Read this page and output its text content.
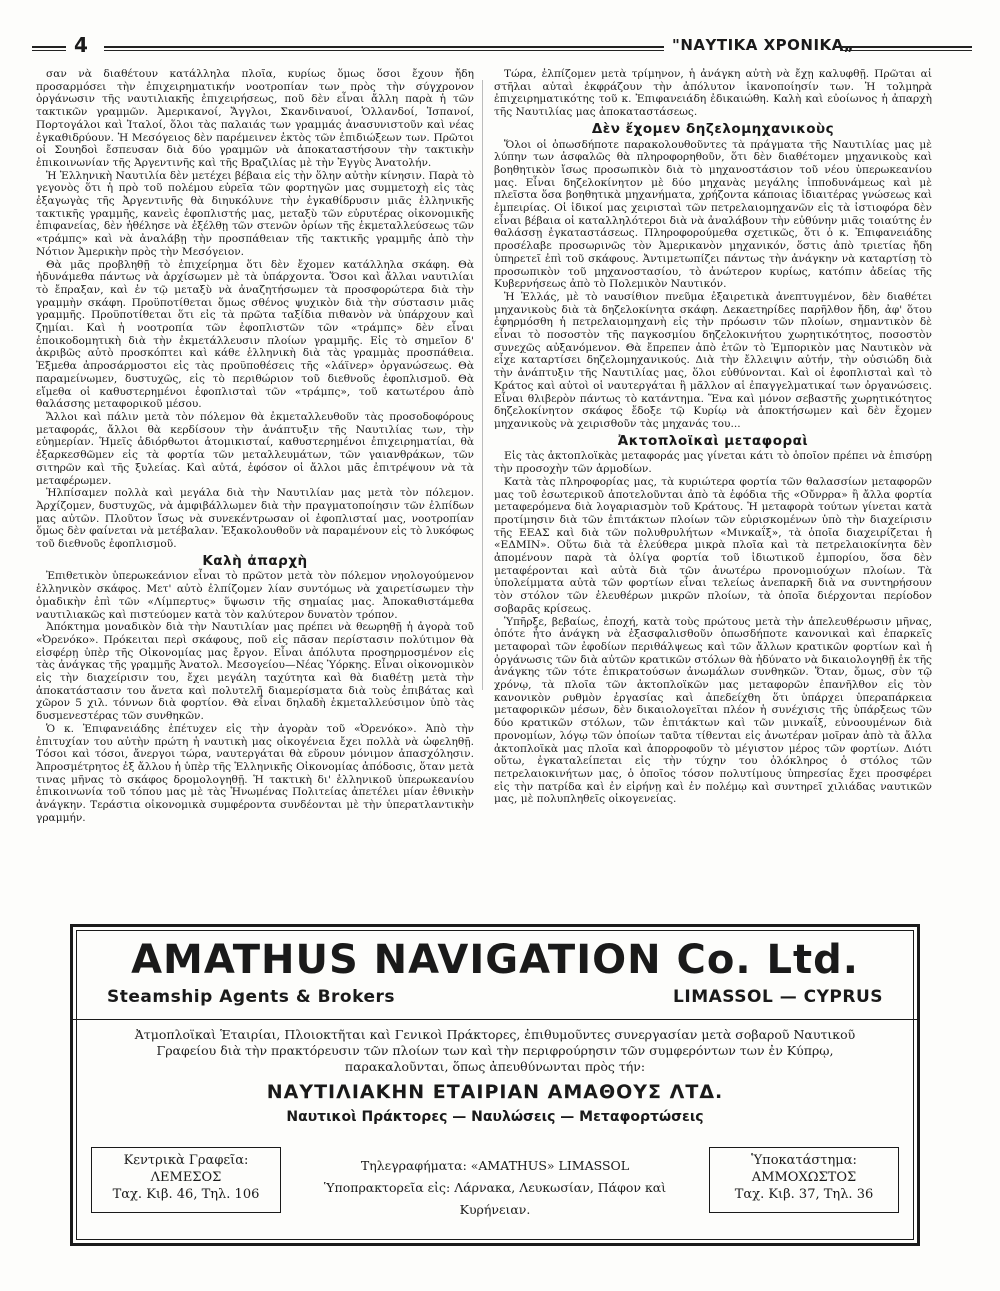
4	"ΝΑΥΤΙΚΑ ΧΡΟΝΙΚΑ„

σαν νὰ διαθέτουν κατάλληλα πλοῖα, κυρίως ὅμως ὅσοι ἔχουν ἤδη προσαρμόσει τὴν ἐπιχειρηματικήν νοοτροπίαν των πρὸς τὴν σύγχρονον ὀργάνωσιν τῆς ναυτιλιακῆς ἐπιχειρήσεως, ποῦ δὲν εἶναι ἄλλη παρὰ ἡ τῶν τακτικῶν γραμμῶν. Ἀμερικανοί, Ἄγγλοι, Σκανδιναυοί, Ὁλλανδοί, Ἰσπανοί, Πορτογάλοι καὶ Ἰταλοί, ὅλοι τὰς παλαιάς των γραμμάς ἀνασυνιστοῦν καὶ νέας ἐγκαθιδρύουν. Ἡ Μεσόγειος δὲν παρέμεινεν ἐκτὸς τῶν ἐπιδιώξεων των. Πρῶτοι οἱ Σουηδοὶ ἔσπευσαν διὰ δύο γραμμῶν νὰ ἀποκαταστήσουν τὴν τακτικὴν ἐπικοινωνίαν τῆς Ἀργεντινῆς καὶ τῆς Βραζιλίας μὲ τὴν Ἐγγὺς Ἀνατολήν.

Ἡ Ἑλληνικὴ Ναυτιλία δὲν μετέχει βέβαια εἰς τὴν ὅλην αὐτὴν κίνησιν. Παρὰ τὸ γεγονὸς ὅτι ἡ πρὸ τοῦ πολέμου εὐρεῖα τῶν φορτηγῶν μας συμμετοχὴ εἰς τὰς ἐξαγωγὰς τῆς Ἀργεντινῆς θὰ διηυκόλυνε τὴν ἐγκαθίδρυσιν μιᾶς ἑλληνικῆς τακτικῆς γραμμῆς, κανεὶς ἐφοπλιστής μας, μεταξὺ τῶν εὐρυτέρας οἰκονομικῆς ἐπιφανείας, δὲν ἠθέλησε νὰ ἐξέλθῃ τῶν στενῶν ὁρίων τῆς ἐκμεταλλεύσεως τῶν «τράμπς» καὶ νὰ ἀναλάβῃ τὴν προσπάθειαν τῆς τακτικῆς γραμμῆς ἀπὸ τὴν Νότιον Ἀμερικὴν πρὸς τὴν Μεσόγειον.

Θὰ μᾶς προβληθῇ τὸ ἐπιχείρημα ὅτι δὲν ἔχομεν κατάλληλα σκάφη. Θὰ ἠδυνάμεθα πάντως νὰ ἀρχίσωμεν μὲ τὰ ὑπάρχοντα. Ὅσοι καὶ ἄλλαι ναυτιλίαι τὸ ἔπραξαν, καὶ ἐν τῷ μεταξὺ νὰ ἀναζητήσωμεν τὰ προσφορώτερα διὰ τὴν γραμμὴν σκάφη. Προϋποτίθεται ὅμως σθένος ψυχικὸν διὰ τὴν σύστασιν μιᾶς γραμμῆς. Προϋποτίθεται ὅτι εἰς τὰ πρῶτα ταξίδια πιθανὸν νὰ ὑπάρχουν καὶ ζημίαι. Καὶ ἡ νοοτροπία τῶν ἐφοπλιστῶν τῶν «τράμπς» δὲν εἶναι ἐποικοδομητικὴ διὰ τὴν ἐκμετάλλευσιν πλοίων γραμμῆς. Εἰς τὸ σημεῖον δ' ἀκριβῶς αὐτὸ προσκόπτει καὶ κάθε ἑλληνικὴ διὰ τὰς γραμμὰς προσπάθεια. Ἐξμεθα ἀπροσάρμοστοι εἰς τὰς προϋποθέσεις τῆς «λάϊνερ» ὀργανώσεως. Θὰ παραμείνωμεν, δυστυχῶς, εἰς τὸ περιθώριον τοῦ διεθνοῦς ἐφοπλισμοῦ. Θὰ εἴμεθα οἱ καθυστερημένοι ἐφοπλισταὶ τῶν «τράμπς», τοῦ κατωτέρου ἀπὸ θαλάσσης μεταφορικοῦ μέσου.

Ἄλλοι καὶ πάλιν μετὰ τὸν πόλεμον θὰ ἐκμεταλλευθοῦν τὰς προσοδοφόρους μεταφοράς, ἄλλοι θὰ κερδίσουν τὴν ἀνάπτυξιν τῆς Ναυτιλίας των, τὴν εὐημερίαν. Ἡμεῖς ἀδιόρθωτοι ἀτομικισταί, καθυστερημένοι ἐπιχειρηματίαι, θὰ ἐξαρκεσθῶμεν εἰς τὰ φορτία τῶν μεταλλευμάτων, τῶν γαιανθράκων, τῶν σιτηρῶν καὶ τῆς ξυλείας. Καὶ αὐτά, ἐφόσον οἱ ἄλλοι μᾶς ἐπιτρέψουν νὰ τὰ μεταφέρωμεν.

Ἠλπίσαμεν πολλὰ καὶ μεγάλα διὰ τὴν Ναυτιλίαν μας μετὰ τὸν πόλεμον. Ἀρχίζομεν, δυστυχῶς, νὰ ἀμφιβάλλωμεν διὰ τὴν πραγματοποίησιν τῶν ἐλπίδων μας αὐτῶν. Πλοῦτον ἴσως νὰ συνεκέντρωσαν οἱ ἐφοπλισταί μας, νοοτροπίαν ὅμως δὲν φαίνεται νὰ μετέβαλαν. Ἐξακολουθοῦν νὰ παραμένουν εἰς τὸ λυκόφως τοῦ διεθνοῦς ἐφοπλισμοῦ.

Καλὴ ἀπαρχὴ

Ἐπιθετικὸν ὑπερωκεάνιον εἶναι τὸ πρῶτον μετὰ τὸν πόλεμον νηολογούμενον ἑλληνικὸν σκάφος. Μετ' αὐτὸ ἐλπίζομεν λίαν συντόμως νὰ χαιρετίσωμεν τὴν ὁμαδικὴν ἐπὶ τῶν «Λίμπερτυς» ὕψωσιν τῆς σημαίας μας. Ἀποκαθιστάμεθα ναυτιλιακῶς καὶ πιστεύομεν κατὰ τὸν καλύτερον δυνατὸν τρόπον.

Ἀπόκτημα μοναδικὸν διὰ τὴν Ναυτιλίαν μας πρέπει νὰ θεωρηθῇ ἡ ἀγορὰ τοῦ «Ὀρενόκο». Πρόκειται περὶ σκάφους, ποῦ εἰς πᾶσαν περίστασιν πολύτιμον θὰ εἰσφέρῃ ὑπὲρ τῆς Οἰκονομίας μας ἔργον. Εἶναι ἀπόλυτα προσηρμοσμένον εἰς τὰς ἀνάγκας τῆς γραμμῆς Ἀνατολ. Μεσογείου—Νέας Ὑόρκης. Εἶναι οἰκονομικὸν εἰς τὴν διαχείρισιν του, ἔχει μεγάλη ταχύτητα καὶ θὰ διαθέτῃ μετὰ τὴν ἀποκατάστασιν του ἄνετα καὶ πολυτελῆ διαμερίσματα διὰ τοὺς ἐπιβάτας καὶ χῶρον 5 χιλ. τόννων διὰ φορτίον. Θὰ εἶναι δηλαδὴ ἐκμεταλλεύσιμον ὑπὸ τὰς δυσμενεστέρας τῶν συνθηκῶν.

Ὁ κ. Ἐπιφανειάδης ἐπέτυχεν εἰς τὴν ἀγορὰν τοῦ «Ὀρενόκο». Ἀπὸ τὴν ἐπιτυχίαν του αὐτὴν πρώτη ἡ ναυτικὴ μας οἰκογένεια ἔχει πολλὰ νὰ ὠφεληθῇ. Τόσοι καὶ τόσοι, ἄνεργοι τώρα, ναυτεργάται θὰ εὕρουν μόνιμον ἀπασχόλησιν. Ἀπροσμέτρητος ἐξ ἄλλου ἡ ὑπὲρ τῆς Ἑλληνικῆς Οἰκονομίας ἀπόδοσις, ὅταν μετὰ τινας μῆνας τὸ σκάφος δρομολογηθῇ. Ἡ τακτικὴ δι' ἑλληνικοῦ ὑπερωκεανίου ἐπικοινωνία τοῦ τόπου μας μὲ τὰς Ἡνωμένας Πολιτείας ἀπετέλει μίαν ἐθνικὴν ἀνάγκην. Τεράστια οἰκονομικὰ συμφέροντα συνδέονται μὲ τὴν ὑπερατλαντικὴν γραμμήν.

Τώρα, ἐλπίζομεν μετὰ τρίμηνον, ἡ ἀνάγκη αὐτὴ νὰ ἔχῃ καλυφθῇ. Πρῶται αἱ στῆλαι αὐταὶ ἐκφράζουν τὴν ἀπόλυτον ἱκανοποίησίν των. Ἡ τολμηρὰ ἐπιχειρηματικότης τοῦ κ. Ἐπιφανειάδη ἐδικαιώθη. Καλὴ καὶ εὐοίωνος ἡ ἀπαρχὴ τῆς Ναυτιλίας μας ἀποκαταστάσεως.

Δὲν ἔχομεν δηζελομηχανικοὺς

Ὅλοι οἱ ὁπωσδήποτε παρακολουθοῦντες τὰ πράγματα τῆς Ναυτιλίας μας μὲ λύπην των ἀσφαλῶς θὰ πληροφορηθοῦν, ὅτι δὲν διαθέτομεν μηχανικοὺς καὶ βοηθητικὸν ἴσως προσωπικὸν διὰ τὸ μηχανοστάσιον τοῦ νέου ὑπερωκεανίου μας. Εἶναι δηζελοκίνητον μὲ δύο μηχανὰς μεγάλης ἱπποδυνάμεως καὶ μὲ πλεῖστα ὅσα βοηθητικὰ μηχανήματα, χρήζοντα κάποιας ἰδιαιτέρας γνώσεως καὶ ἐμπειρίας. Οἱ ἰδικοί μας χειρισταὶ τῶν πετρελαιομηχανῶν εἰς τὰ ἰστιοφόρα δὲν εἶναι βέβαια οἱ καταλληλότεροι διὰ νὰ ἀναλάβουν τὴν εὐθύνην μιᾶς τοιαύτης ἐν θαλάσσῃ ἐγκαταστάσεως. Πληροφορούμεθα σχετικῶς, ὅτι ὁ κ. Ἐπιφανειάδης προσέλαβε προσωρινῶς τὸν Ἀμερικανὸν μηχανικόν, ὅστις ἀπὸ τριετίας ἤδη ὑπηρετεῖ ἐπὶ τοῦ σκάφους. Ἀντιμετωπίζει πάντως τὴν ἀνάγκην νὰ καταρτίσῃ τὸ προσωπικὸν τοῦ μηχανοστασίου, τὸ ἀνώτερον κυρίως, κατόπιν ἀδείας τῆς Κυβερνήσεως ἀπὸ τὸ Πολεμικὸν Ναυτικόν.

Ἡ Ἑλλάς, μὲ τὸ ναυσίθιον πνεῦμα ἐξαιρετικὰ ἀνεπτυγμένον, δὲν διαθέτει μηχανικοὺς διὰ τὰ δηζελοκίνητα σκάφη. Δεκαετηρίδες παρῆλθον ἤδη, ἀφ' ὅτου ἐφηρμόσθη ἡ πετρελαιομηχανὴ εἰς τὴν πρόωσιν τῶν πλοίων, σημαντικὸν δὲ εἶναι τὸ ποσοστὸν τῆς παγκοσμίου δηζελοκινήτου χωρητικότητος, ποσοστὸν συνεχῶς αὐξανόμενον. Θὰ ἔπρεπεν ἀπὸ ἐτῶν τὸ Ἐμπορικὸν μας Ναυτικὸν νὰ εἶχε καταρτίσει δηζελομηχανικούς. Διὰ τὴν ἔλλειψιν αὐτήν, τὴν οὐσιώδη διὰ τὴν ἀνάπτυξιν τῆς Ναυτιλίας μας, ὅλοι εὐθύνονται. Καὶ οἱ ἐφοπλισταὶ καὶ τὸ Κράτος καὶ αὐτοὶ οἱ ναυτεργάται ἢ μᾶλλον αἱ ἐπαγγελματικαί των ὀργανώσεις. Εἶναι θλιβερὸν πάντως τὸ κατάντημα. Ἕνα καὶ μόνον σεβαστῆς χωρητικότητος δηζελοκίνητον σκάφος ἔδοξε τῷ Κυρίῳ νὰ ἀποκτήσωμεν καὶ δὲν ἔχομεν μηχανικοὺς νὰ χειρισθοῦν τὰς μηχανάς του...

Ἀκτοπλοϊκαὶ μεταφοραὶ

Εἰς τὰς ἀκτοπλοϊκὰς μεταφοράς μας γίνεται κάτι τὸ ὁποῖον πρέπει νὰ ἐπισύρῃ τὴν προσοχὴν τῶν ἁρμοδίων.

Κατὰ τὰς πληροφορίας μας, τὰ κυριώτερα φορτία τῶν θαλασσίων μεταφορῶν μας τοῦ ἐσωτερικοῦ ἀποτελοῦνται ἀπὸ τὰ ἐφόδια τῆς «Οὔνρρα» ἢ ἄλλα φορτία μεταφερόμενα διὰ λογαριασμὸν τοῦ Κράτους. Ἡ μεταφορὰ τούτων γίνεται κατὰ προτίμησιν διὰ τῶν ἐπιτάκτων πλοίων τῶν εὑρισκομένων ὑπὸ τὴν διαχείρισιν τῆς ΕΕΑΣ καὶ διὰ τῶν πολυθρυλήτων «Μινκαΐξ», τὰ ὁποῖα διαχειρίζεται ἡ «ΕΔΜΙΝ». Οὕτω διὰ τὰ ἐλεύθερα μικρὰ πλοῖα καὶ τὰ πετρελαιοκίνητα δὲν ἀπομένουν παρὰ τὰ ὀλίγα φορτία τοῦ ἰδιωτικοῦ ἐμπορίου, ὅσα δὲν μεταφέρονται καὶ αὐτὰ διὰ τῶν ἀνωτέρω προνομιούχων πλοίων. Τὰ ὑπολείμματα αὐτὰ τῶν φορτίων εἶναι τελείως ἀνεπαρκῆ διὰ να συντηρήσουν τὸν στόλον τῶν ἐλευθέρων μικρῶν πλοίων, τὰ ὁποῖα διέρχονται περίοδον σοβαρᾶς κρίσεως.

Ὑπῆρξε, βεβαίως, ἐποχή, κατὰ τοὺς πρώτους μετὰ τὴν ἀπελευθέρωσιν μῆνας, ὁπότε ἦτο ἀνάγκη νὰ ἐξασφαλισθοῦν ὁπωσδήποτε κανονικαὶ καὶ ἐπαρκεῖς μεταφοραὶ τῶν ἐφοδίων περιθάλψεως καὶ τῶν ἄλλων κρατικῶν φορτίων καὶ ἡ ὀργάνωσις τῶν διὰ αὐτῶν κρατικῶν στόλων θὰ ἠδύνατο νὰ δικαιολογηθῇ ἐκ τῆς ἀνάγκης τῶν τότε ἐπικρατούσων ἀνωμάλων συνθηκῶν. Ὅταν, ὅμως, σὺν τῷ χρόνῳ, τὰ πλοῖα τῶν ἀκτοπλοϊκῶν μας μεταφορῶν ἐπανῆλθον εἰς τὸν κανονικὸν ρυθμὸν ἐργασίας καὶ ἀπεδείχθη ὅτι ὑπάρχει ὑπεραπάρκεια μεταφορικῶν μέσων, δὲν δικαιολογεῖται πλέον ἡ συνέχισις τῆς ὑπάρξεως τῶν δύο κρατικῶν στόλων, τῶν ἐπιτάκτων καὶ τῶν μινκαΐξ, εὐνοουμένων διὰ προνομίων, λόγῳ τῶν ὁποίων ταῦτα τίθενται εἰς ἀνωτέραν μοῖραν ἀπὸ τὰ ἄλλα ἀκτοπλοϊκὰ μας πλοῖα καὶ ἀπορροφοῦν τὸ μέγιστον μέρος τῶν φορτίων. Διότι οὕτω, ἐγκαταλείπεται εἰς τὴν τύχην του ὁλόκληρος ὁ στόλος τῶν πετρελαιοκινήτων μας, ὁ ὁποῖος τόσον πολυτίμους ὑπηρεσίας ἔχει προσφέρει εἰς τὴν πατρίδα καὶ ἐν εἰρήνῃ καὶ ἐν πολέμῳ καὶ συντηρεῖ χιλιάδας ναυτικῶν μας, μὲ πολυπληθεῖς οἰκογενείας.

AMATHUS NAVIGATION Co. Ltd.
Steamship Agents & Brokers	LIMASSOL — CYPRUS
Ἀτμοπλοϊκαὶ Ἑταιρίαι, Πλοιοκτῆται καὶ Γενικοὶ Πράκτορες, ἐπιθυμοῦντες συνεργασίαν μετὰ σοβαροῦ Ναυτικοῦ Γραφείου διὰ τὴν πρακτόρευσιν τῶν πλοίων των καὶ τὴν περιφρούρησιν τῶν συμφερόντων των ἐν Κύπρῳ, παρακαλοῦνται, ὅπως ἀπευθύνωνται πρὸς τήν:
ΝΑΥΤΙΛΙΑΚΗΝ ΕΤΑΙΡΙΑΝ ΑΜΑΘΟΥΣ ΛΤΔ.
Ναυτικοὶ Πράκτορες — Ναυλώσεις — Μεταφορτώσεις
Κεντρικὰ Γραφεῖα:
ΛΕΜΕΣΟΣ
Ταχ. Κιβ. 46, Τηλ. 106
Τηλεγραφήματα: «AMATHUS» LIMASSOL
Ὑποπρακτορεῖα εἰς: Λάρνακα, Λευκωσίαν, Πάφον καὶ Κυρήνειαν.
Ὑποκατάστημα:
ΑΜΜΟΧΩΣΤΟΣ
Ταχ. Κιβ. 37, Τηλ. 36
